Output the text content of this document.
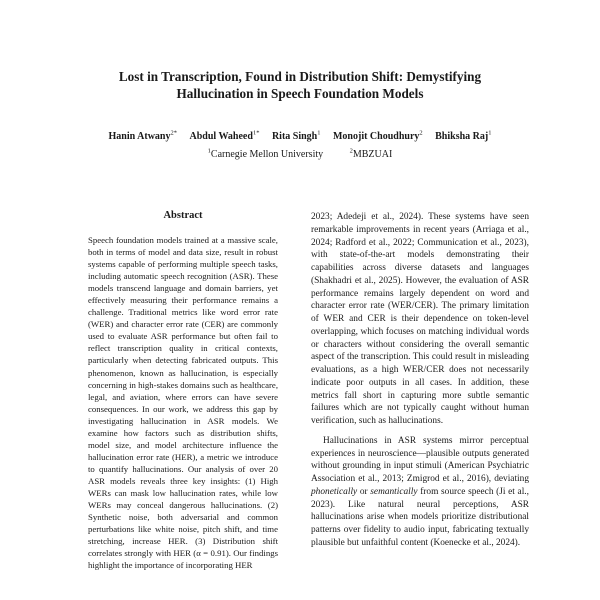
Lost in Transcription, Found in Distribution Shift: Demystifying
Hallucination in Speech Foundation Models
Hanin Atwany$^{2*}$ Abdul Waheed$^{1*}$ Rita Singh$^1$ Monojit Choudhury$^2$ Bhiksha Raj$^1$
$^1$Carnegie Mellon University	$^2$MBZUAI
Abstract
Speech foundation models trained at a massive scale, both in terms of model and data size, result in robust systems capable of performing multiple speech tasks, including automatic speech recognition (ASR). These models transcend language and domain barriers, yet effectively measuring their performance remains a challenge. Traditional metrics like word error rate (WER) and character error rate (CER) are commonly used to evaluate ASR performance but often fail to reflect transcription quality in critical contexts, particularly when detecting fabricated outputs. This phenomenon, known as hallucination, is especially concerning in high-stakes domains such as healthcare, legal, and aviation, where errors can have severe consequences. In our work, we address this gap by investigating hallucination in ASR models. We examine how factors such as distribution shifts, model size, and model architecture influence the hallucination error rate (HER), a metric we introduce to quantify hallucinations. Our analysis of over 20 ASR models reveals three key insights: (1) High WERs can mask low hallucination rates, while low WERs may conceal dangerous hallucinations. (2) Synthetic noise, both adversarial and common perturbations like white noise, pitch shift, and time stretching, increase HER. (3) Distribution shift correlates strongly with HER (α = 0.91). Our findings highlight the importance of incorporating HER

2023; Adedeji et al., 2024). These systems have seen remarkable improvements in recent years (Arriaga et al., 2024; Radford et al., 2022; Communication et al., 2023), with state-of-the-art models demonstrating their capabilities across diverse datasets and languages (Shakhadri et al., 2025). However, the evaluation of ASR performance remains largely dependent on word and character error rate (WER/CER). The primary limitation of WER and CER is their dependence on token-level overlapping, which focuses on matching individual words or characters without considering the overall semantic aspect of the transcription. This could result in misleading evaluations, as a high WER/CER does not necessarily indicate poor outputs in all cases. In addition, these metrics fall short in capturing more subtle semantic failures which are not typically caught without human verification, such as hallucinations.

Hallucinations in ASR systems mirror perceptual experiences in neuroscience—plausible outputs generated without grounding in input stimuli (American Psychiatric Association et al., 2013; Zmigrod et al., 2016), deviating phonetically or semantically from source speech (Ji et al., 2023). Like natural neural perceptions, ASR hallucinations arise when models prioritize distributional patterns over fidelity to audio input, fabricating textually plausible but unfaithful content (Koenecke et al., 2024).
